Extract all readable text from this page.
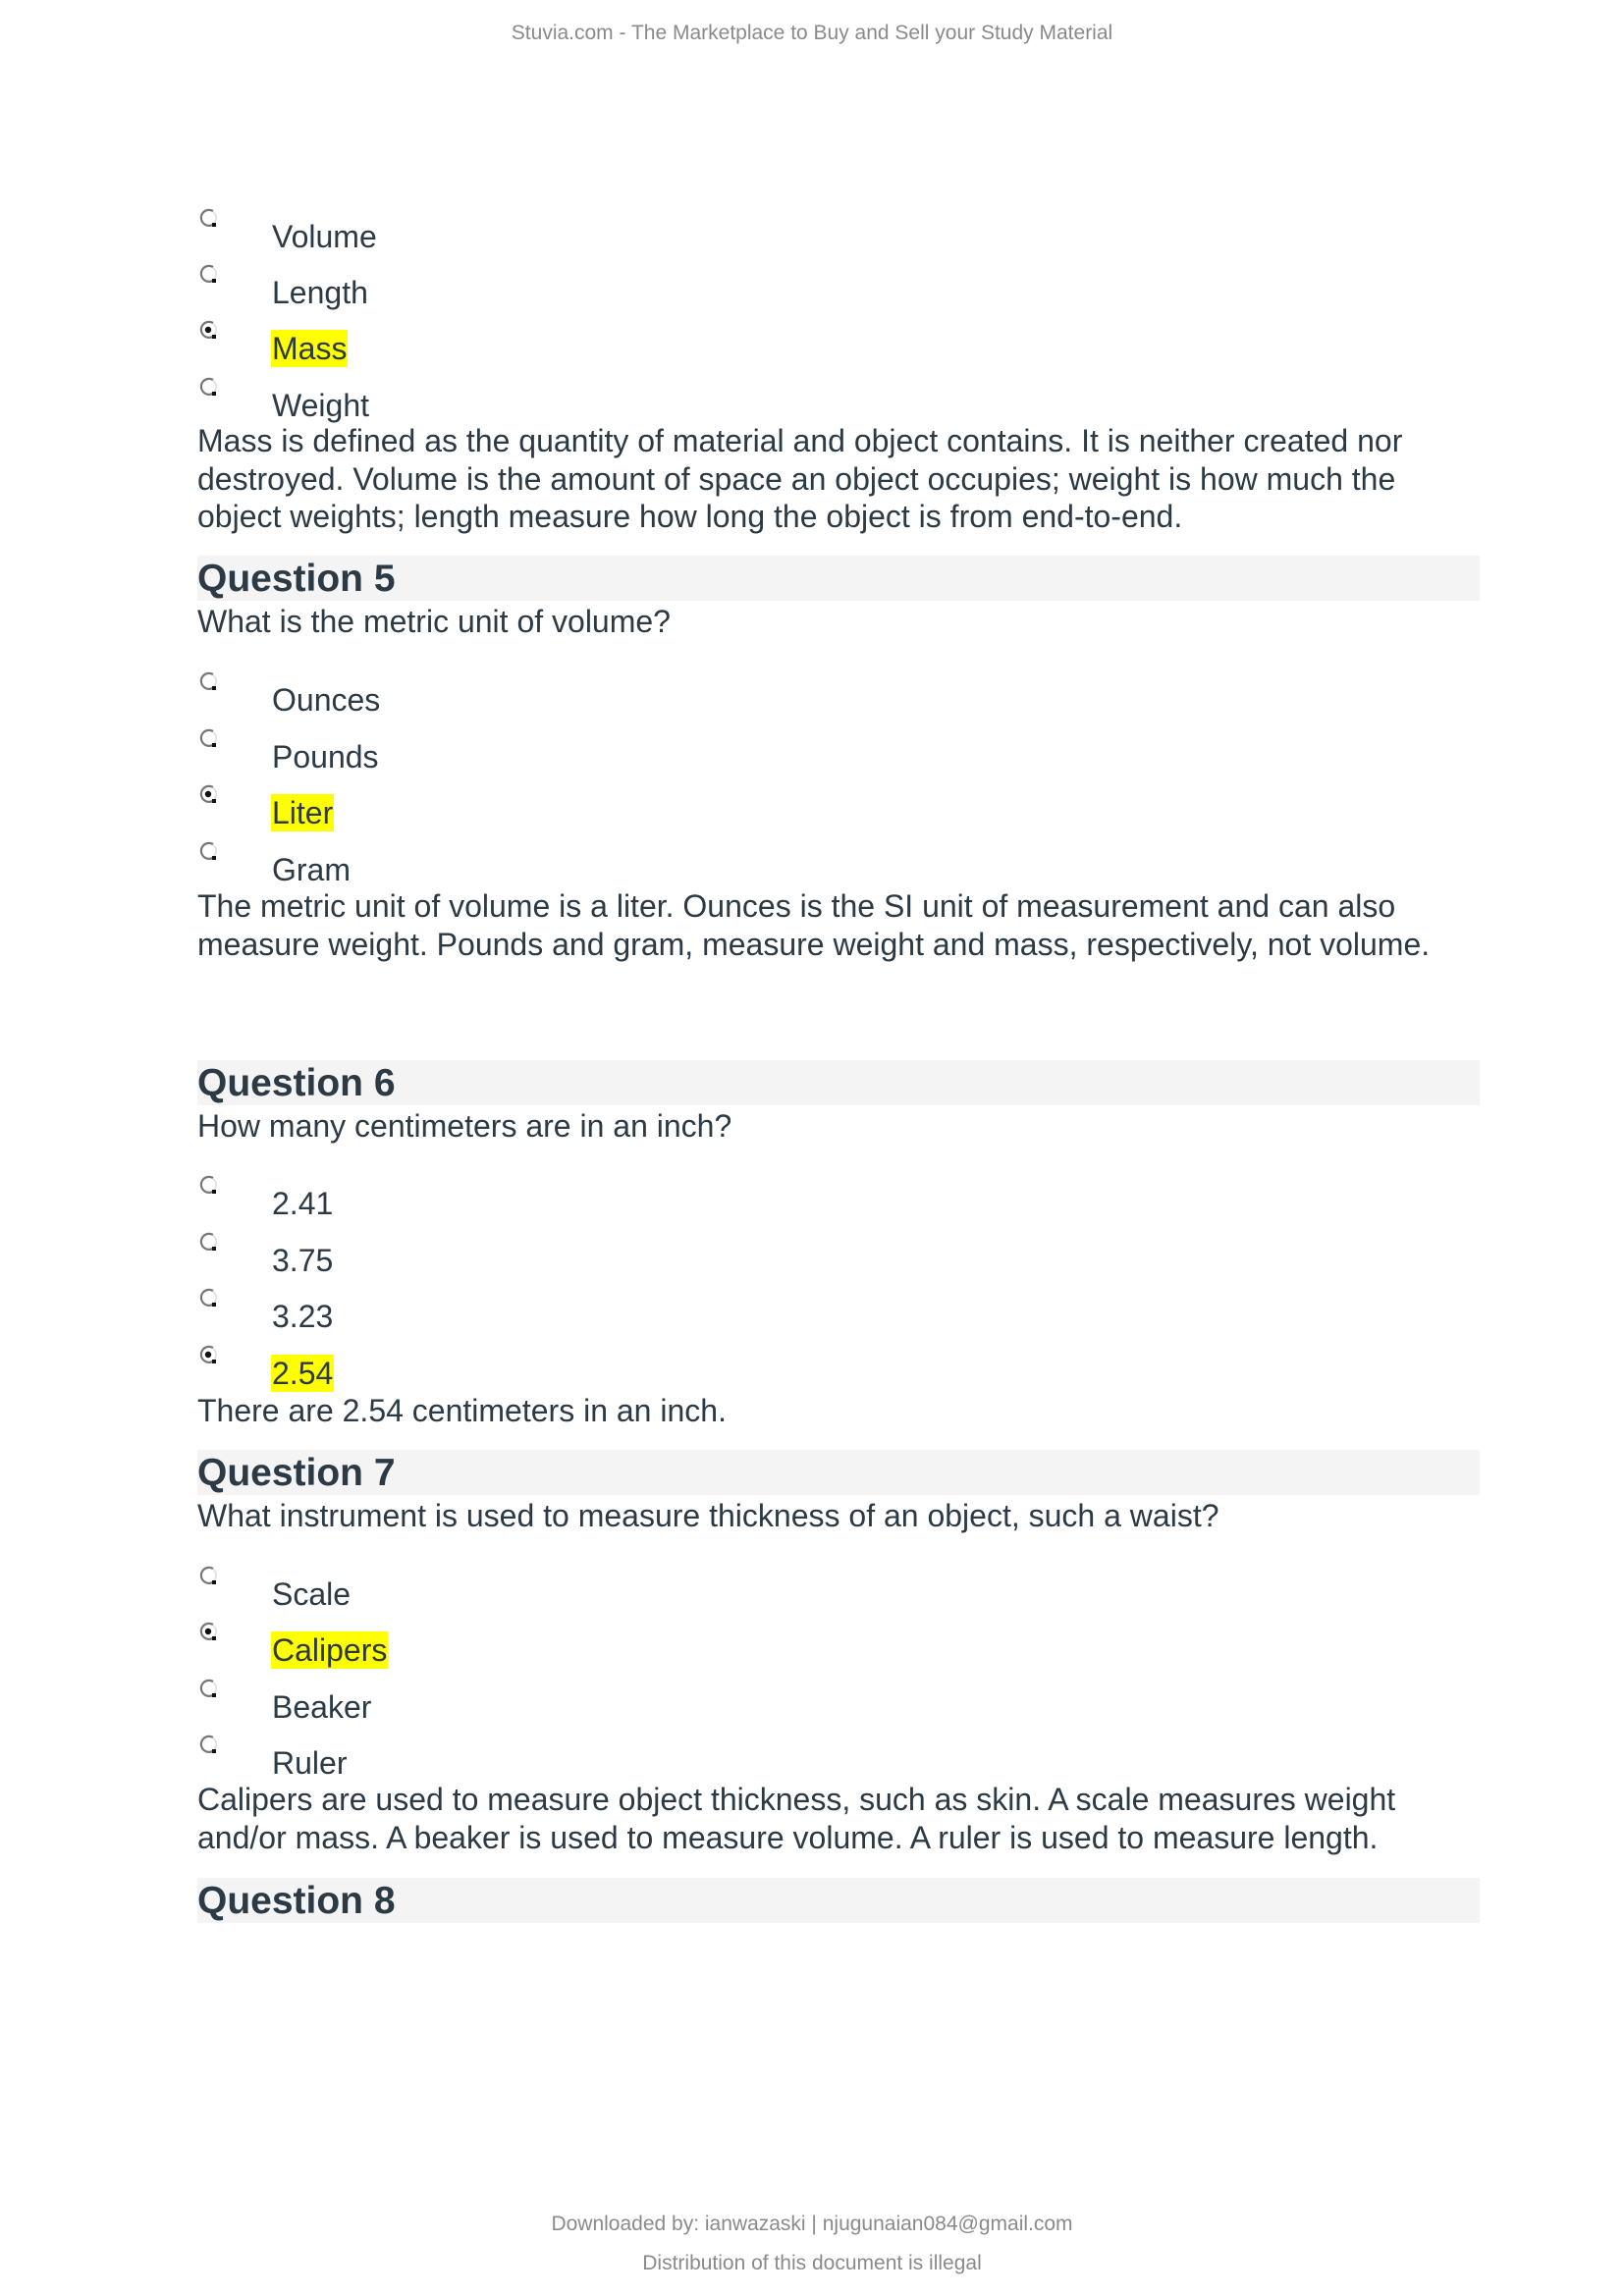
Stuvia.com - The Marketplace to Buy and Sell your Study Material
Volume
Length
Mass
Weight
Mass is defined as the quantity of material and object contains. It is neither created nor destroyed. Volume is the amount of space an object occupies; weight is how much the object weights; length measure how long the object is from end-to-end.
Question 5
What is the metric unit of volume?
Ounces
Pounds
Liter
Gram
The metric unit of volume is a liter. Ounces is the SI unit of measurement and can also measure weight. Pounds and gram, measure weight and mass, respectively, not volume.
Question 6
How many centimeters are in an inch?
2.41
3.75
3.23
2.54
There are 2.54 centimeters in an inch.
Question 7
What instrument is used to measure thickness of an object, such a waist?
Scale
Calipers
Beaker
Ruler
Calipers are used to measure object thickness, such as skin. A scale measures weight and/or mass. A beaker is used to measure volume. A ruler is used to measure length.
Question 8
Downloaded by: ianwazaski | njugunaian084@gmail.com
Distribution of this document is illegal
